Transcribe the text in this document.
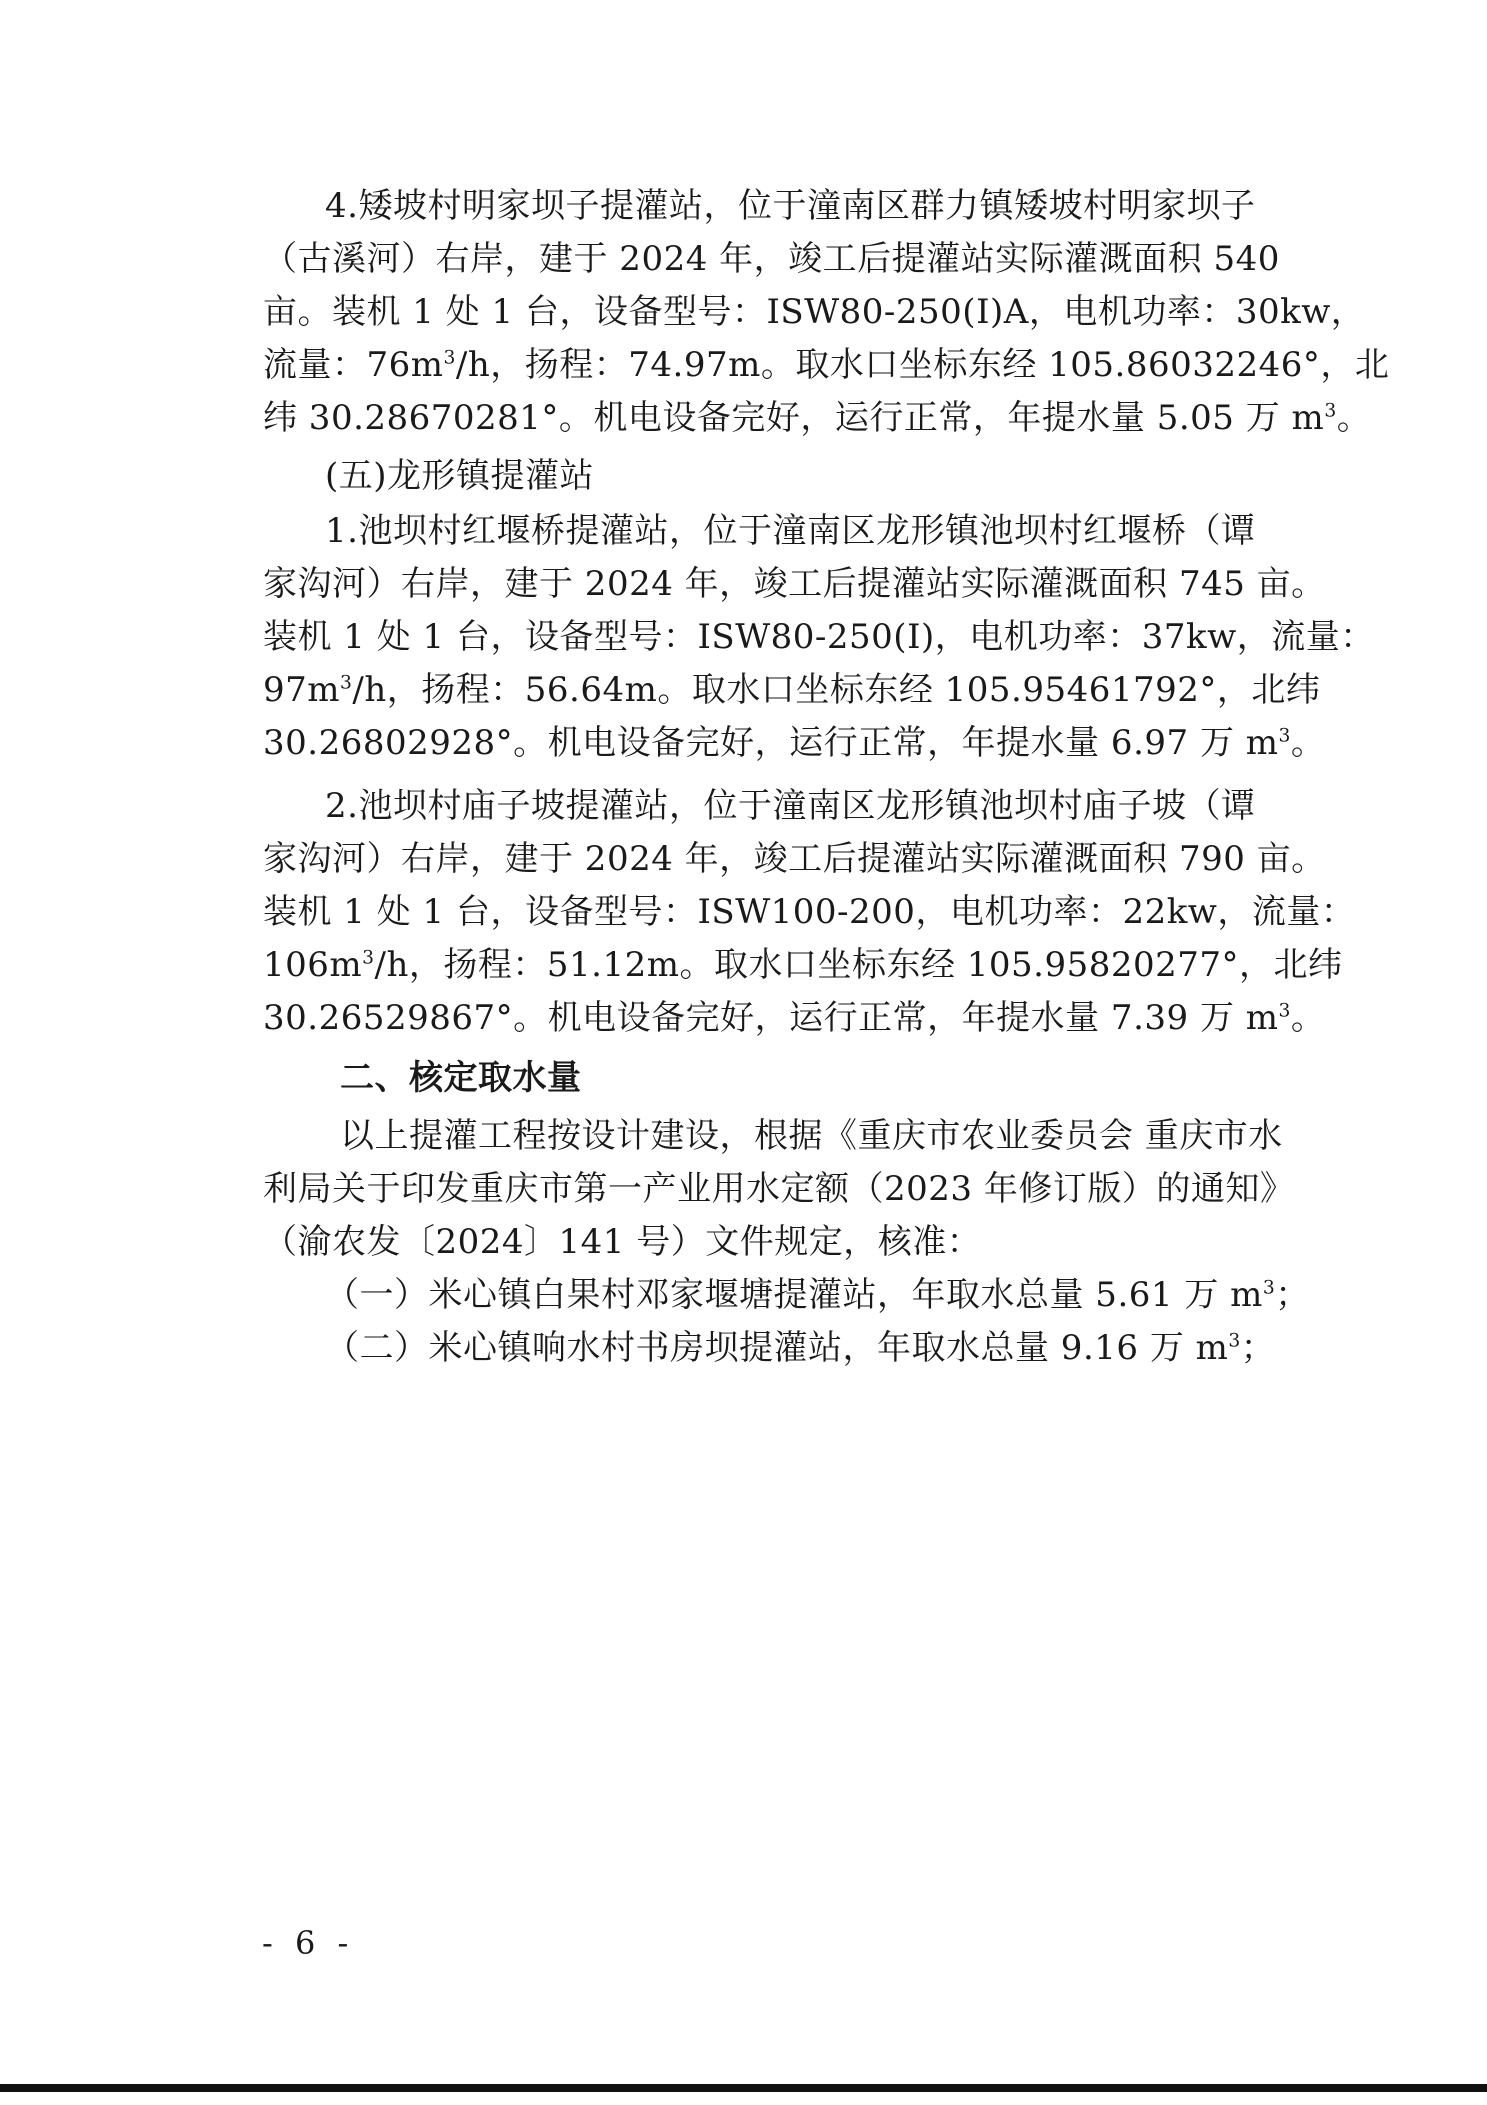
4.矮坡村明家坝子提灌站，位于潼南区群力镇矮坡村明家坝子

（古溪河）右岸，建于 2024 年，竣工后提灌站实际灌溉面积 540

亩。装机 1 处 1 台，设备型号：ISW80-250(I)A，电机功率：30kw，

流量：$76m^3/h$，扬程：74.97m。取水口坐标东经 105.86032246°，北

纬 30.28670281°。机电设备完好，运行正常，年提水量 5.05 万 $m^3$。

(五)龙形镇提灌站

1.池坝村红堰桥提灌站，位于潼南区龙形镇池坝村红堰桥（谭

家沟河）右岸，建于 2024 年，竣工后提灌站实际灌溉面积 745 亩。

装机 1 处 1 台，设备型号：ISW80-250(I)，电机功率：37kw，流量：

$97m^3/h$，扬程：56.64m。取水口坐标东经 105.95461792°，北纬

30.26802928°。机电设备完好，运行正常，年提水量 6.97 万 $m^3$。

2.池坝村庙子坡提灌站，位于潼南区龙形镇池坝村庙子坡（谭

家沟河）右岸，建于 2024 年，竣工后提灌站实际灌溉面积 790 亩。

装机 1 处 1 台，设备型号：ISW100-200，电机功率：22kw，流量：

$106m^3/h$，扬程：51.12m。取水口坐标东经 105.95820277°，北纬

30.26529867°。机电设备完好，运行正常，年提水量 7.39 万 $m^3$。

二、核定取水量

以上提灌工程按设计建设，根据《重庆市农业委员会 重庆市水

利局关于印发重庆市第一产业用水定额（2023 年修订版）的通知》

（渝农发〔2024〕141 号）文件规定，核准：

（一）米心镇白果村邓家堰塘提灌站，年取水总量 5.61 万 $m^3$；

（二）米心镇响水村书房坝提灌站，年取水总量 9.16 万 $m^3$；

- 6 -
